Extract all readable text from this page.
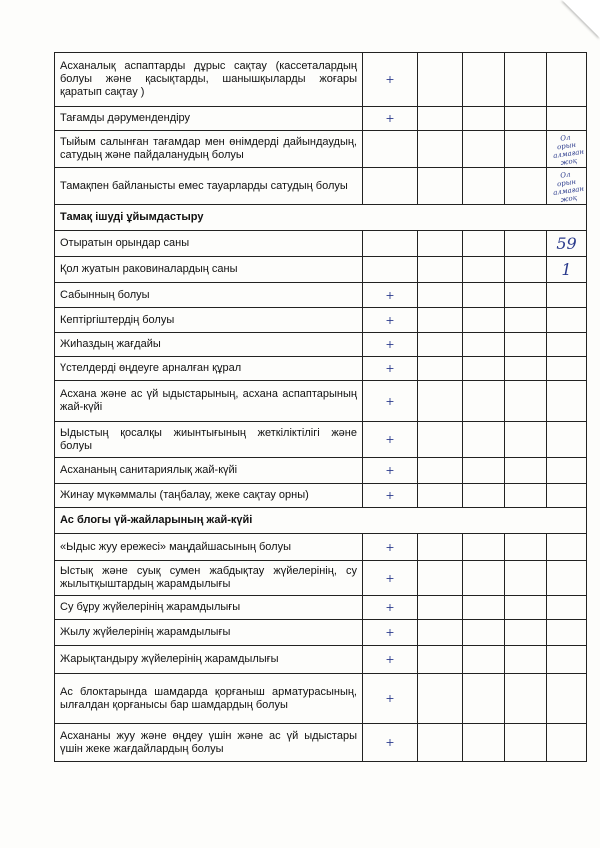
Асханалық аспаптарды дұрыс сақтау (кассеталардың болуы және қасықтарды, шанышқыларды жоғары қаратып сақтау )	+				
Тағамды дәрумендендіру	+				
Тыйым салынған тағамдар мен өнімдерді дайындаудың, сатудың және пайдаланудың болуы					Ол орын алмаған жоқ
Тамақпен байланысты емес тауарларды сатудың болуы					Ол орын алмаған жоқ
Тамақ ішуді ұйымдастыру					
Отыратын орындар саны					59
Қол жуатын раковиналардың саны					1
Сабынның болуы	+				
Кептіргіштердің болуы	+				
Жиһаздың жағдайы	+				
Үстелдерді өңдеуге арналған құрал	+				
Асхана және ас үй ыдыстарының, асхана аспаптарының жай-күйі	+				
Ыдыстың қосалқы жиынтығының жеткіліктілігі және болуы	+				
Асхананың санитариялық жай-күйі	+				
Жинау мүкәммалы (таңбалау, жеке сақтау орны)	+				
Ас блогы үй-жайларының жай-күйі					
«Ыдыс жуу ережесі» маңдайшасының болуы	+				
Ыстық және суық сумен жабдықтау жүйелерінің, су жылытқыштардың жарамдылығы	+				
Су бұру жүйелерінің жарамдылығы	+				
Жылу жүйелерінің жарамдылығы	+				
Жарықтандыру жүйелерінің жарамдылығы	+				
Ас блоктарында шамдарда қорғаныш арматурасының, ылғалдан қорғанысы бар шамдардың болуы	+				
Асхананы жуу және өңдеу үшін және ас үй ыдыстары үшін жеке жағдайлардың болуы	+				
